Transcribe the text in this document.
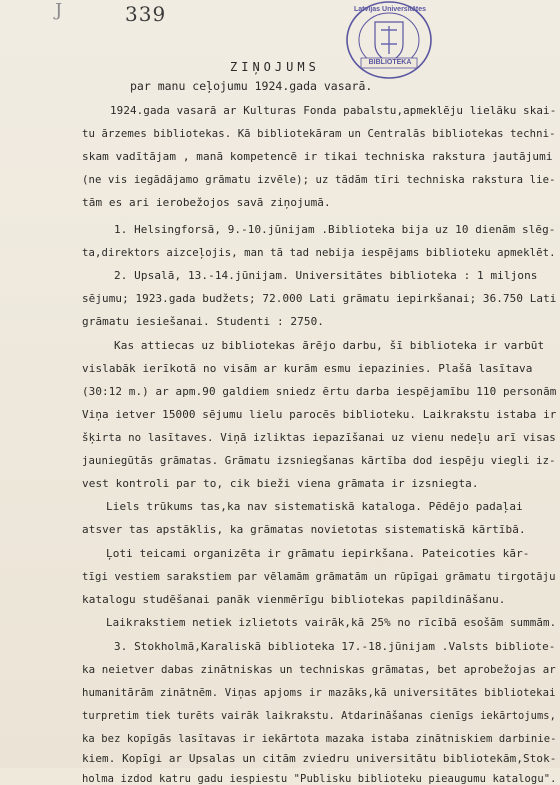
J	339	Latvijas Universitātes
BIBLIOTEKA
ZIŅOJUMS
par manu ceļojumu 1924.gada vasarā.
1924.gada vasarā ar Kulturas Fonda pabalstu,apmeklēju lielāku skai-
tu ārzemes bibliotekas. Kā bibliotekāram un Centralās bibliotekas techni-
skam vadītājam , manā kompetencē ir tikai techniska rakstura jautājumi
(ne vis iegādājamo grāmatu izvēle); uz tādām tīri techniska rakstura lie-
tām es ari ierobežojos savā ziņojumā.
1. Helsingforsā, 9.-10.jūnijam .Biblioteka bija uz 10 dienām slēg-
ta,direktors aizceļojis, man tā tad nebija iespējams biblioteku apmeklēt.
2. Upsalā, 13.-14.jūnijam. Universitātes biblioteka : 1 miljons
sējumu; 1923.gada budžets; 72.000 Lati grāmatu iepirkšanai; 36.750 Lati
grāmatu iesiešanai. Studenti : 2750.
Kas attiecas uz bibliotekas ārējo darbu, šī biblioteka ir varbūt
vislabāk ierīkotā no visām ar kurām esmu iepazinies. Plašā lasītava
(30:12 m.) ar apm.90 galdiem sniedz ērtu darba iespējamību 110 personām
Viņa ietver 15000 sējumu lielu parocēs biblioteku. Laikrakstu istaba ir
šķirta no lasītaves. Viņā izliktas iepazīšanai uz vienu nedeļu arī visas
jauniegūtās grāmatas. Grāmatu izsniegšanas kārtība dod iespēju viegli iz-
vest kontroli par to, cik bieži viena grāmata ir izsniegta.
Liels trūkums tas,ka nav sistematiskā kataloga. Pēdējo padaļai
atsver tas apstāklis, ka grāmatas novietotas sistematiskā kārtībā.
Ļoti teicami organizēta ir grāmatu iepirkšana. Pateicoties kār-
tīgi vestiem sarakstiem par vēlamām grāmatām un rūpīgai grāmatu tirgotāju
katalogu studēšanai panāk vienmērīgu bibliotekas papildināšanu.
Laikrakstiem netiek izlietots vairāk,kā 25% no rīcībā esošām summām.
3. Stokholmā,Karaliskā biblioteka 17.-18.jūnijam .Valsts bibliote-
ka neietver dabas zinātniskas un techniskas grāmatas, bet aprobežojas ar
humanitārām zinātnēm. Viņas apjoms ir mazāks,kā universitātes bibliotekai
turpretim tiek turēts vairāk laikrakstu. Atdarināšanas cienīgs iekārtojums,
ka bez kopīgās lasītavas ir iekārtota mazaka istaba zinātniskiem darbinie-
kiem. Kopīgi ar Upsalas un citām zviedru universitātu bibliotekām,Stok-
holma izdod katru gadu iespiestu "Publisku biblioteku pieaugumu katalogu".
